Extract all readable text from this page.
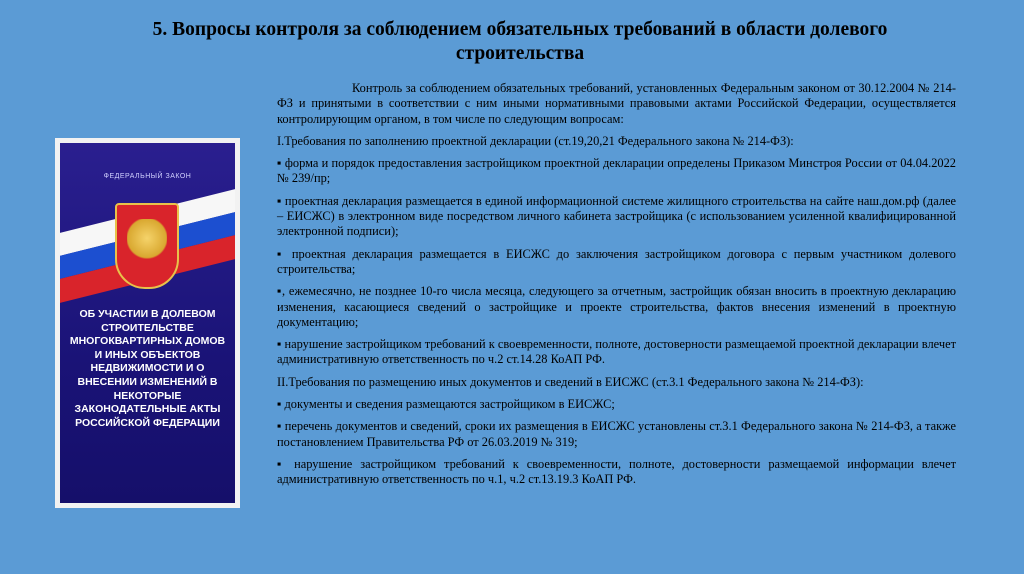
5. Вопросы контроля за соблюдением обязательных требований в области долевого строительства
ФЕДЕРАЛЬНЫЙ ЗАКОН
ОБ УЧАСТИИ В ДОЛЕВОМ СТРОИТЕЛЬСТВЕ МНОГОКВАРТИРНЫХ ДОМОВ И ИНЫХ ОБЪЕКТОВ НЕДВИЖИМОСТИ И О ВНЕСЕНИИ ИЗМЕНЕНИЙ В НЕКОТОРЫЕ ЗАКОНОДАТЕЛЬНЫЕ АКТЫ РОССИЙСКОЙ ФЕДЕРАЦИИ

Контроль за соблюдением обязательных требований, установленных Федеральным законом от 30.12.2004 № 214-ФЗ и принятыми в соответствии с ним иными нормативными правовыми актами Российской Федерации, осуществляется контролирующим органом, в том числе по следующим вопросам:

I.Требования по заполнению проектной декларации (ст.19,20,21 Федерального закона № 214-ФЗ):

▪ форма и порядок предоставления застройщиком проектной декларации определены Приказом Минстроя России от 04.04.2022 № 239/пр;

▪ проектная декларация размещается в единой информационной системе жилищного строительства на сайте наш.дом.рф (далее – ЕИСЖС) в электронном виде посредством личного кабинета застройщика (с использованием усиленной квалифицированной электронной подписи);

▪ проектная декларация размещается в ЕИСЖС до заключения застройщиком договора с первым участником долевого строительства;

▪, ежемесячно, не позднее 10-го числа месяца, следующего за отчетным, застройщик обязан вносить в проектную декларацию изменения, касающиеся сведений о застройщике и проекте строительства, фактов внесения изменений в проектную документацию;

▪ нарушение застройщиком требований к своевременности, полноте, достоверности размещаемой проектной декларации влечет административную ответственность по ч.2 ст.14.28 КоАП РФ.

II.Требования по размещению иных документов и сведений в ЕИСЖС (ст.3.1 Федерального закона № 214-ФЗ):

▪ документы и сведения размещаются застройщиком в ЕИСЖС;

▪ перечень документов и сведений, сроки их размещения в ЕИСЖС установлены ст.3.1 Федерального закона № 214-ФЗ, а также постановлением Правительства РФ от 26.03.2019 № 319;

▪ нарушение застройщиком требований к своевременности, полноте, достоверности размещаемой информации влечет административную ответственность по ч.1, ч.2 ст.13.19.3 КоАП РФ.
